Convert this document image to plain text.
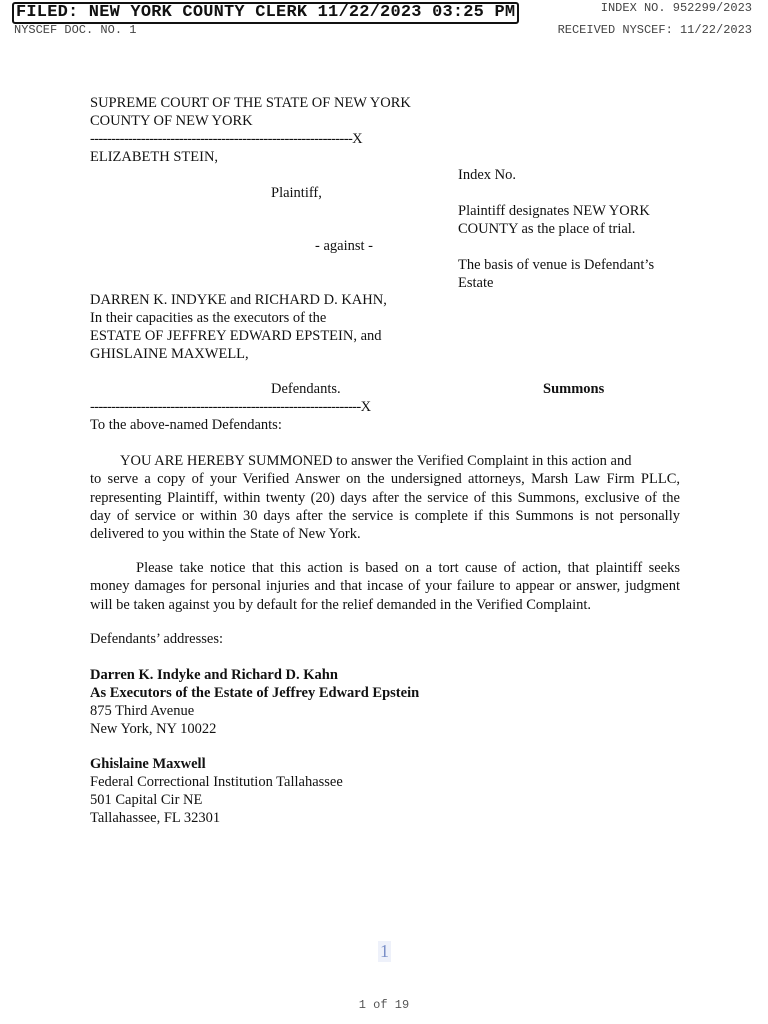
FILED: NEW YORK COUNTY CLERK 11/22/2023 03:25 PM	INDEX NO. 952299/2023
NYSCEF DOC. NO. 1	RECEIVED NYSCEF: 11/22/2023
SUPREME COURT OF THE STATE OF NEW YORK
COUNTY OF NEW YORK
--------------------------------------------------------------X
ELIZABETH STEIN,
Plaintiff,
- against -
DARREN K. INDYKE and RICHARD D. KAHN,
In their capacities as the executors of the
ESTATE OF JEFFREY EDWARD EPSTEIN, and
GHISLAINE MAXWELL,
Defendants.
----------------------------------------------------------------X
Index No.
Plaintiff designates NEW YORK
COUNTY as the place of trial.
The basis of venue is Defendant’s
Estate
Summons
To the above-named Defendants:
YOU ARE HEREBY SUMMONED to answer the Verified Complaint in this action and
to serve a copy of your Verified Answer on the undersigned attorneys, Marsh Law Firm PLLC,
representing Plaintiff, within twenty (20) days after the service of this Summons, exclusive of the
day of service or within 30 days after the service is complete if this Summons is not personally
delivered to you within the State of New York.
Please take notice that this action is based on a tort cause of action, that plaintiff seeks
money damages for personal injuries and that incase of your failure to appear or answer, judgment
will be taken against you by default for the relief demanded in the Verified Complaint.
Defendants’ addresses:
Darren K. Indyke and Richard D. Kahn
As Executors of the Estate of Jeffrey Edward Epstein
875 Third Avenue
New York, NY 10022
Ghislaine Maxwell
Federal Correctional Institution Tallahassee
501 Capital Cir NE
Tallahassee, FL 32301
1
1 of 19
